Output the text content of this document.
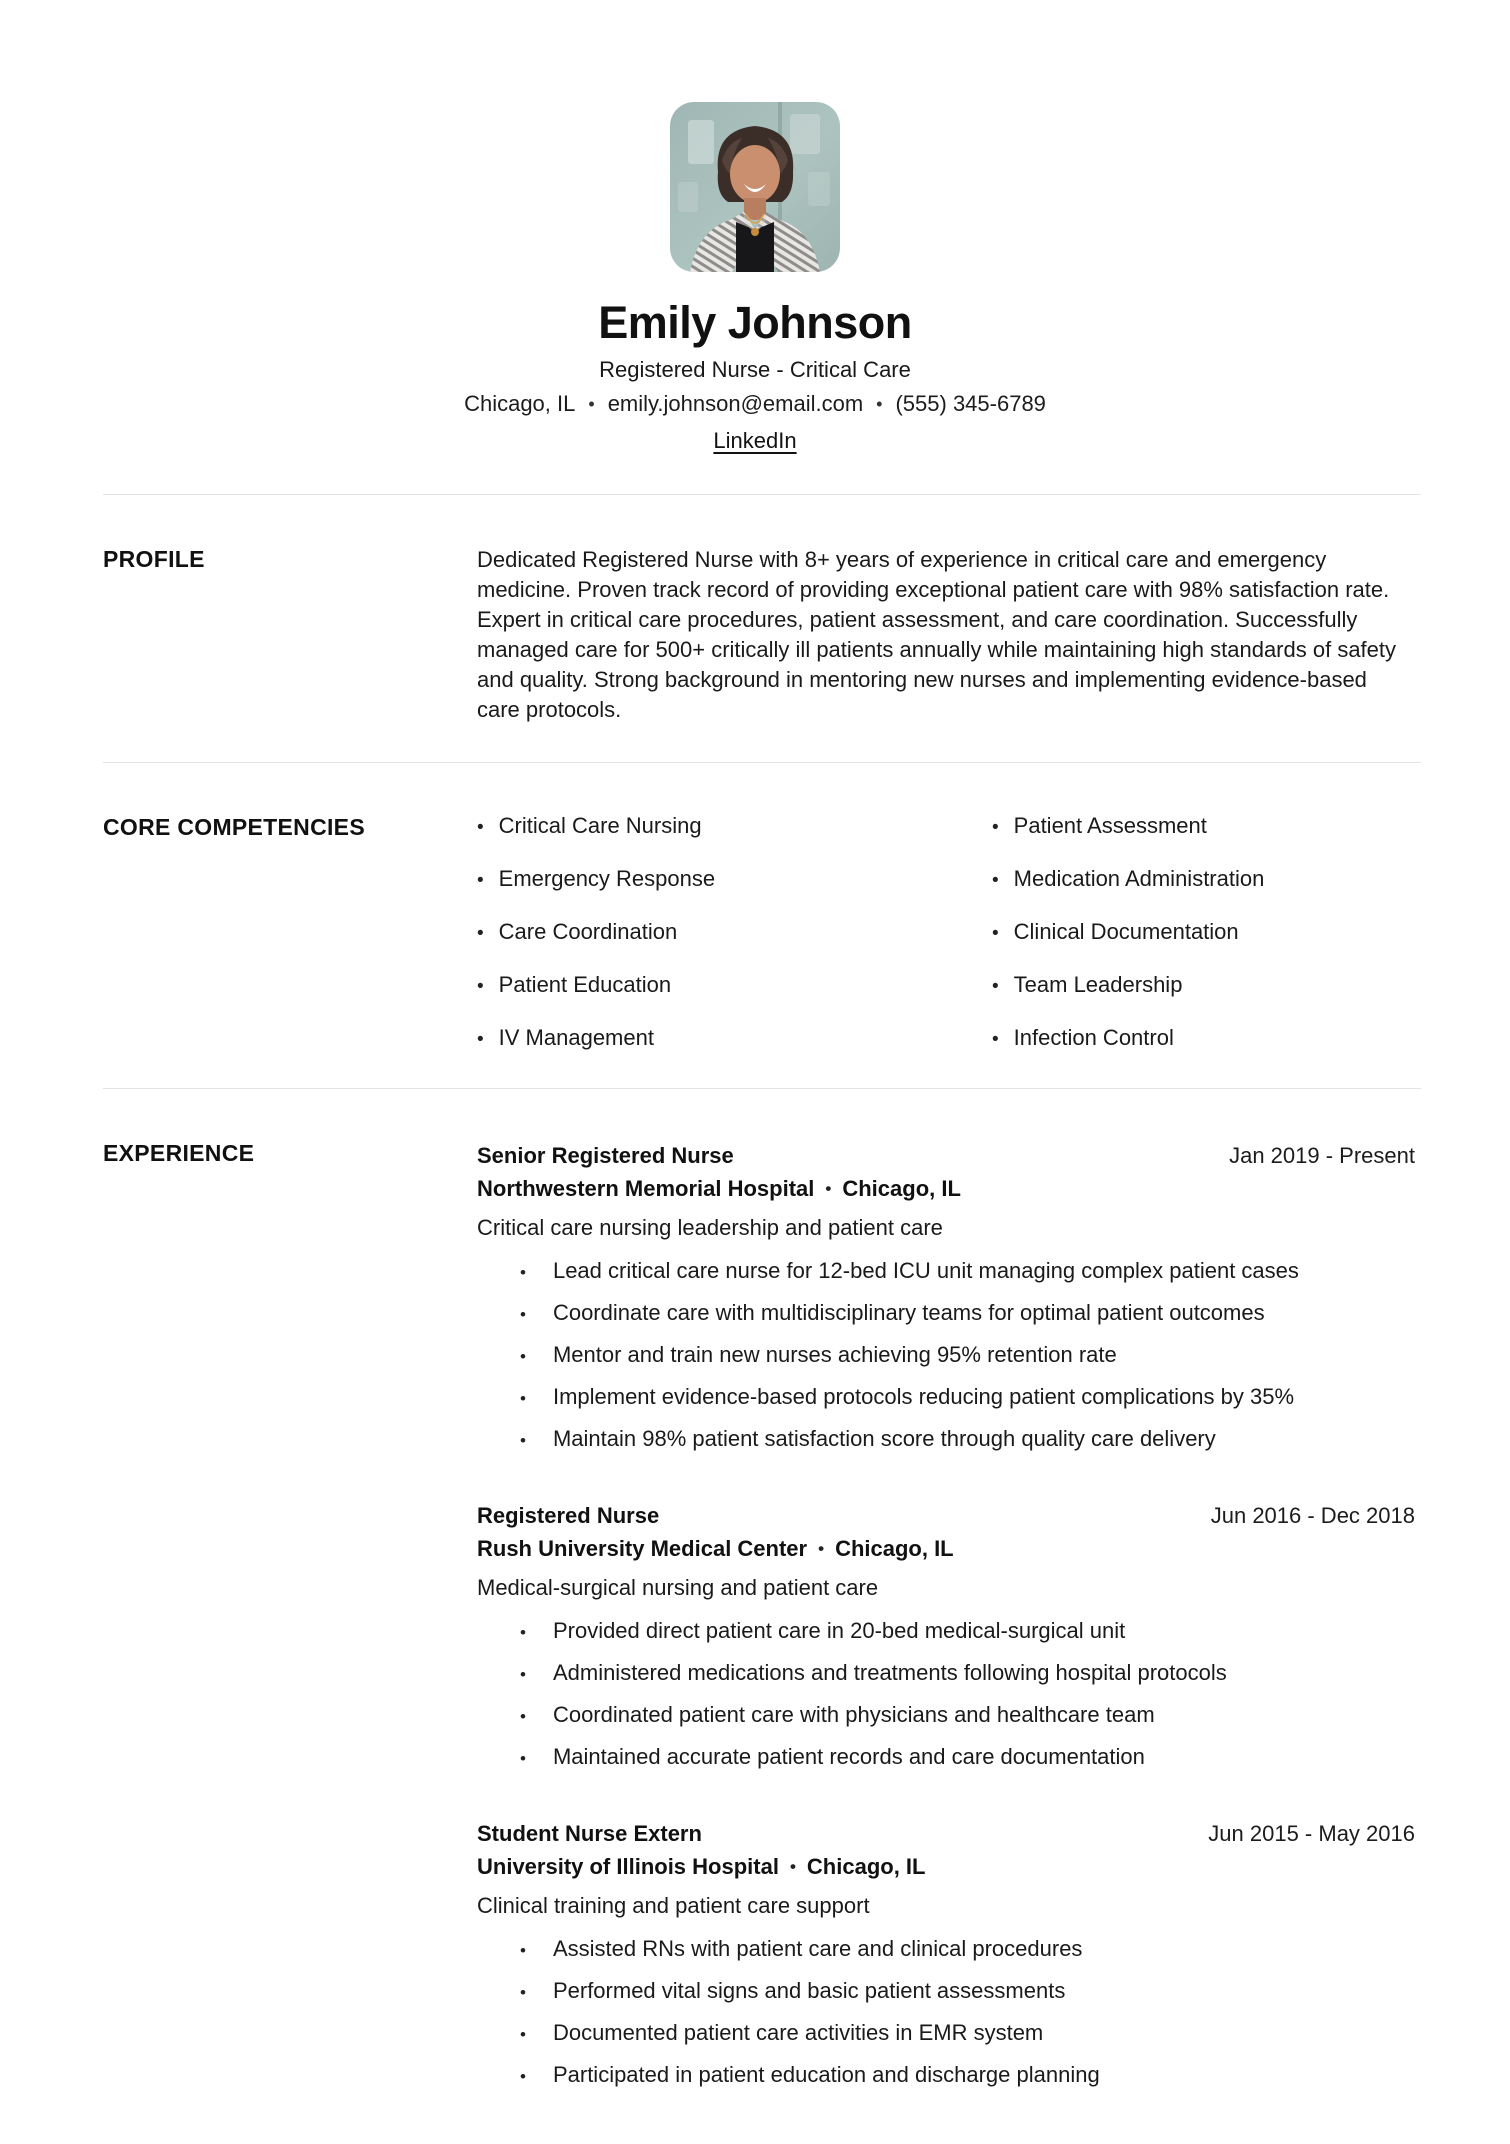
Emily Johnson
Registered Nurse - Critical Care
Chicago, IL • emily.johnson@email.com • (555) 345-6789
LinkedIn
PROFILE	Dedicated Registered Nurse with 8+ years of experience in critical care and emergency medicine. Proven track record of providing exceptional patient care with 98% satisfaction rate. Expert in critical care procedures, patient assessment, and care coordination. Successfully managed care for 500+ critically ill patients annually while maintaining high standards of safety and quality. Strong background in mentoring new nurses and implementing evidence-based care protocols.
CORE COMPETENCIES	• Critical Care Nursing
• Emergency Response
• Care Coordination
• Patient Education
• IV Management
• Patient Assessment
• Medication Administration
• Clinical Documentation
• Team Leadership
• Infection Control
EXPERIENCE	Senior Registered Nurse	Jan 2019 - Present
Northwestern Memorial Hospital • Chicago, IL
Critical care nursing leadership and patient care
• Lead critical care nurse for 12-bed ICU unit managing complex patient cases
• Coordinate care with multidisciplinary teams for optimal patient outcomes
• Mentor and train new nurses achieving 95% retention rate
• Implement evidence-based protocols reducing patient complications by 35%
• Maintain 98% patient satisfaction score through quality care delivery
Registered Nurse	Jun 2016 - Dec 2018
Rush University Medical Center • Chicago, IL
Medical-surgical nursing and patient care
• Provided direct patient care in 20-bed medical-surgical unit
• Administered medications and treatments following hospital protocols
• Coordinated patient care with physicians and healthcare team
• Maintained accurate patient records and care documentation
Student Nurse Extern	Jun 2015 - May 2016
University of Illinois Hospital • Chicago, IL
Clinical training and patient care support
• Assisted RNs with patient care and clinical procedures
• Performed vital signs and basic patient assessments
• Documented patient care activities in EMR system
• Participated in patient education and discharge planning
